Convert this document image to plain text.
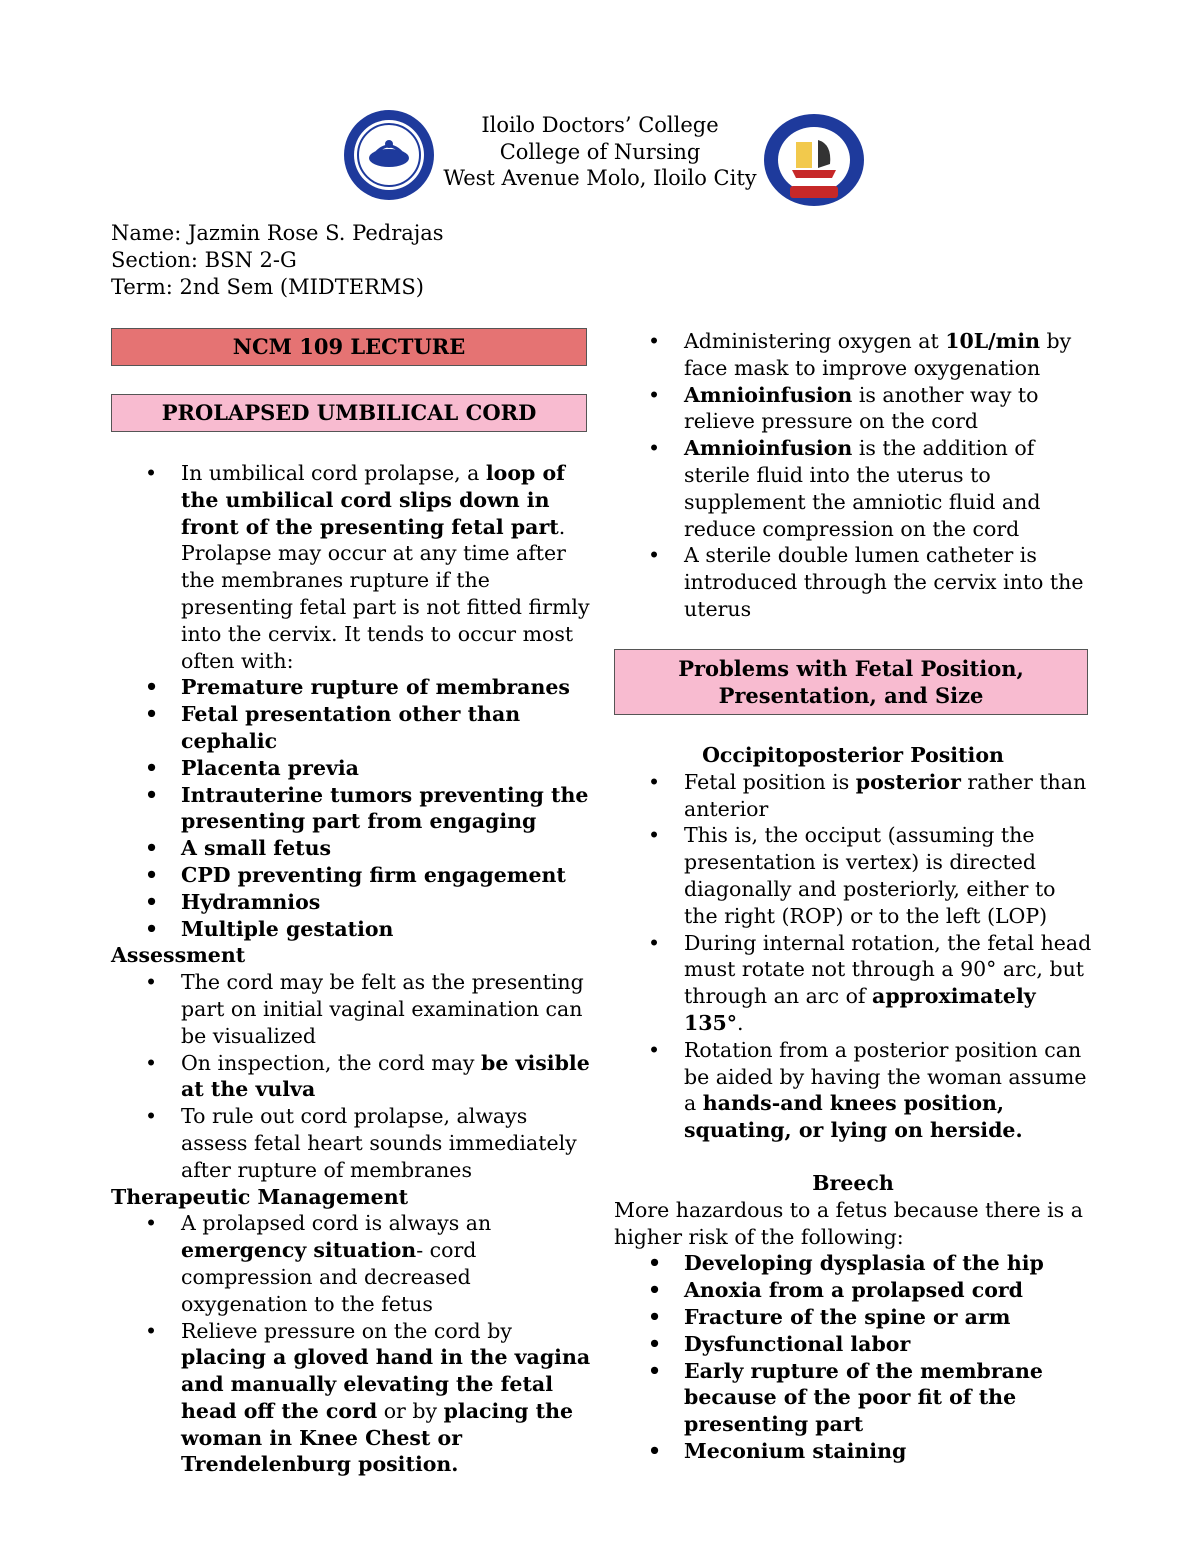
Iloilo Doctors’ College
College of Nursing
West Avenue Molo, Iloilo City
Name: Jazmin Rose S. Pedrajas
Section: BSN 2-G
Term: 2nd Sem (MIDTERMS)
NCM 109 LECTURE
PROLAPSED UMBILICAL CORD
• In umbilical cord prolapse, a loop of the umbilical cord slips down in front of the presenting fetal part. Prolapse may occur at any time after the membranes rupture if the presenting fetal part is not fitted firmly into the cervix. It tends to occur most often with:
• Premature rupture of membranes
• Fetal presentation other than cephalic
• Placenta previa
• Intrauterine tumors preventing the presenting part from engaging
• A small fetus
• CPD preventing firm engagement
• Hydramnios
• Multiple gestation
Assessment
• The cord may be felt as the presenting part on initial vaginal examination can be visualized
• On inspection, the cord may be visible at the vulva
• To rule out cord prolapse, always assess fetal heart sounds immediately after rupture of membranes
Therapeutic Management
• A prolapsed cord is always an emergency situation- cord compression and decreased oxygenation to the fetus
• Relieve pressure on the cord by placing a gloved hand in the vagina and manually elevating the fetal head off the cord or by placing the woman in Knee Chest or Trendelenburg position.
• Administering oxygen at 10L/min by face mask to improve oxygenation
• Amnioinfusion is another way to relieve pressure on the cord
• Amnioinfusion is the addition of sterile fluid into the uterus to supplement the amniotic fluid and reduce compression on the cord
• A sterile double lumen catheter is introduced through the cervix into the uterus
Problems with Fetal Position, Presentation, and Size
Occipitoposterior Position
• Fetal position is posterior rather than anterior
• This is, the occiput (assuming the presentation is vertex) is directed diagonally and posteriorly, either to the right (ROP) or to the left (LOP)
• During internal rotation, the fetal head must rotate not through a 90° arc, but through an arc of approximately 135°.
• Rotation from a posterior position can be aided by having the woman assume a hands-and knees position, squating, or lying on herside.
Breech
More hazardous to a fetus because there is a higher risk of the following:
• Developing dysplasia of the hip
• Anoxia from a prolapsed cord
• Fracture of the spine or arm
• Dysfunctional labor
• Early rupture of the membrane because of the poor fit of the presenting part
• Meconium staining
